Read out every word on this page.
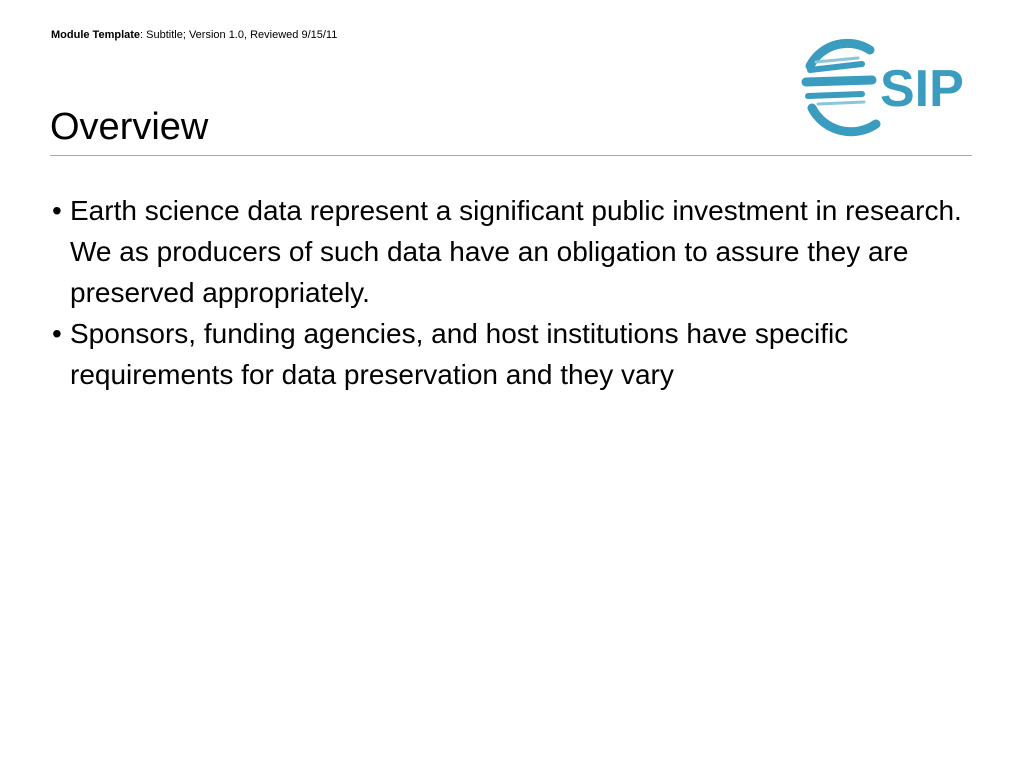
Module Template: Subtitle; Version 1.0, Reviewed 9/15/11
SIP
Overview
• Earth science data represent a significant public investment in research. We as producers of such data have an obligation to assure they are preserved appropriately.
• Sponsors, funding agencies, and host institutions have specific requirements for data preservation and they vary
